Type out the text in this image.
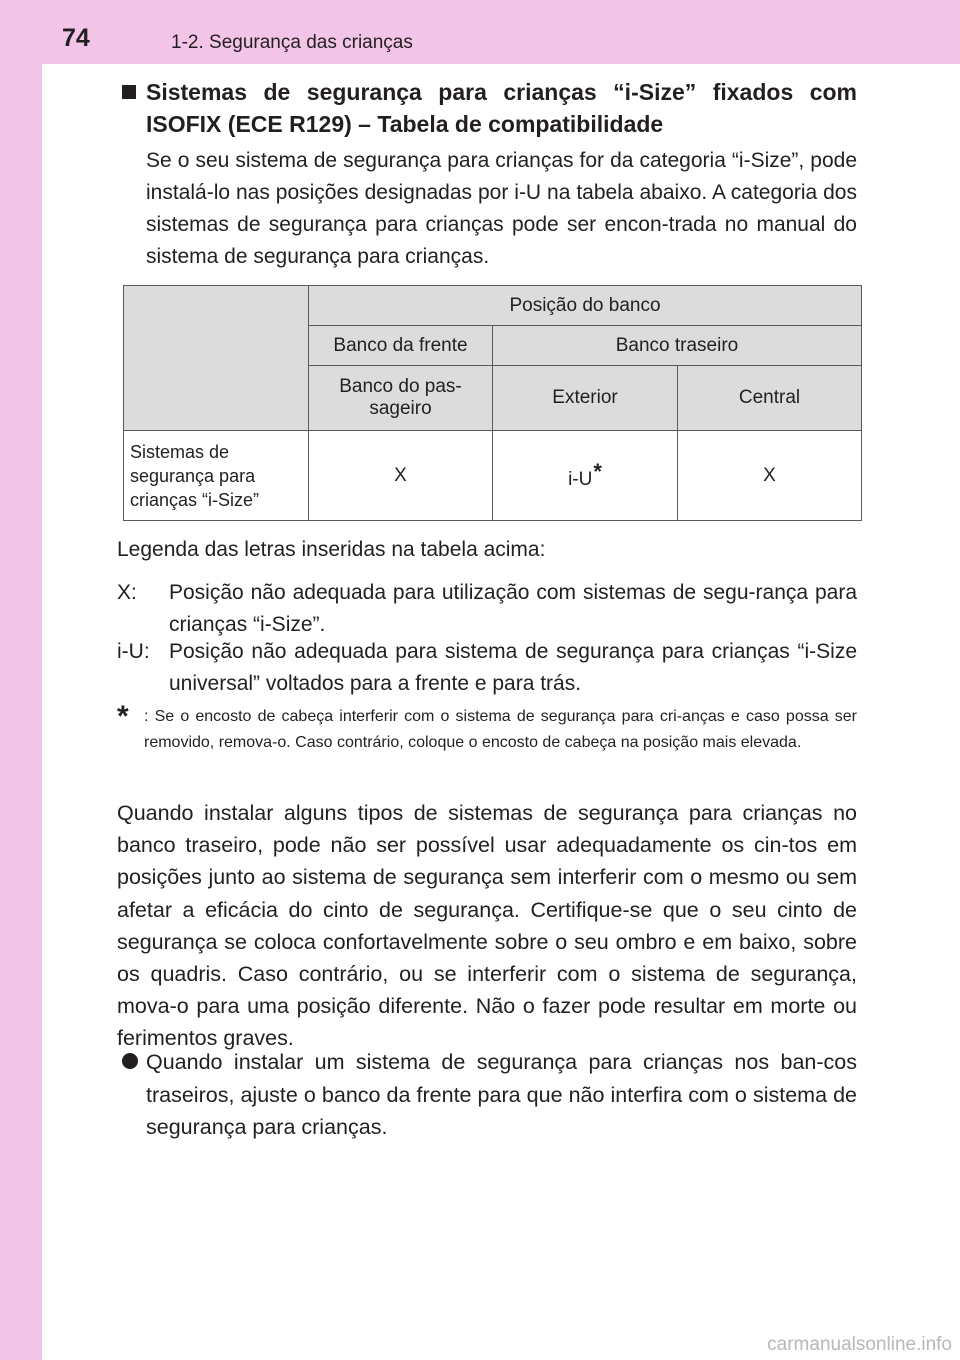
74	1-2. Segurança das crianças
Sistemas de segurança para crianças “i-Size” fixados com ISOFIX (ECE R129) – Tabela de compatibilidade
Se o seu sistema de segurança para crianças for da categoria “i-Size”, pode instalá-lo nas posições designadas por i-U na tabela abaixo. A categoria dos sistemas de segurança para crianças pode ser encon-trada no manual do sistema de segurança para crianças.
	Posição do banco		
	Banco da frente	Banco traseiro	
	Banco do pas-sageiro	Exterior	Central
Sistemas de segurança para crianças “i-Size”	X	i-U*	X
Legenda das letras inseridas na tabela acima:
X: Posição não adequada para utilização com sistemas de segu-rança para crianças “i-Size”.
i-U: Posição não adequada para sistema de segurança para crianças “i-Size universal” voltados para a frente e para trás.
* : Se o encosto de cabeça interferir com o sistema de segurança para cri-anças e caso possa ser removido, remova-o. Caso contrário, coloque o encosto de cabeça na posição mais elevada.
Quando instalar alguns tipos de sistemas de segurança para crianças no banco traseiro, pode não ser possível usar adequadamente os cin-tos em posições junto ao sistema de segurança sem interferir com o mesmo ou sem afetar a eficácia do cinto de segurança. Certifique-se que o seu cinto de segurança se coloca confortavelmente sobre o seu ombro e em baixo, sobre os quadris. Caso contrário, ou se interferir com o sistema de segurança, mova-o para uma posição diferente. Não o fazer pode resultar em morte ou ferimentos graves.
Quando instalar um sistema de segurança para crianças nos ban-cos traseiros, ajuste o banco da frente para que não interfira com o sistema de segurança para crianças.
carmanualsonline.info
